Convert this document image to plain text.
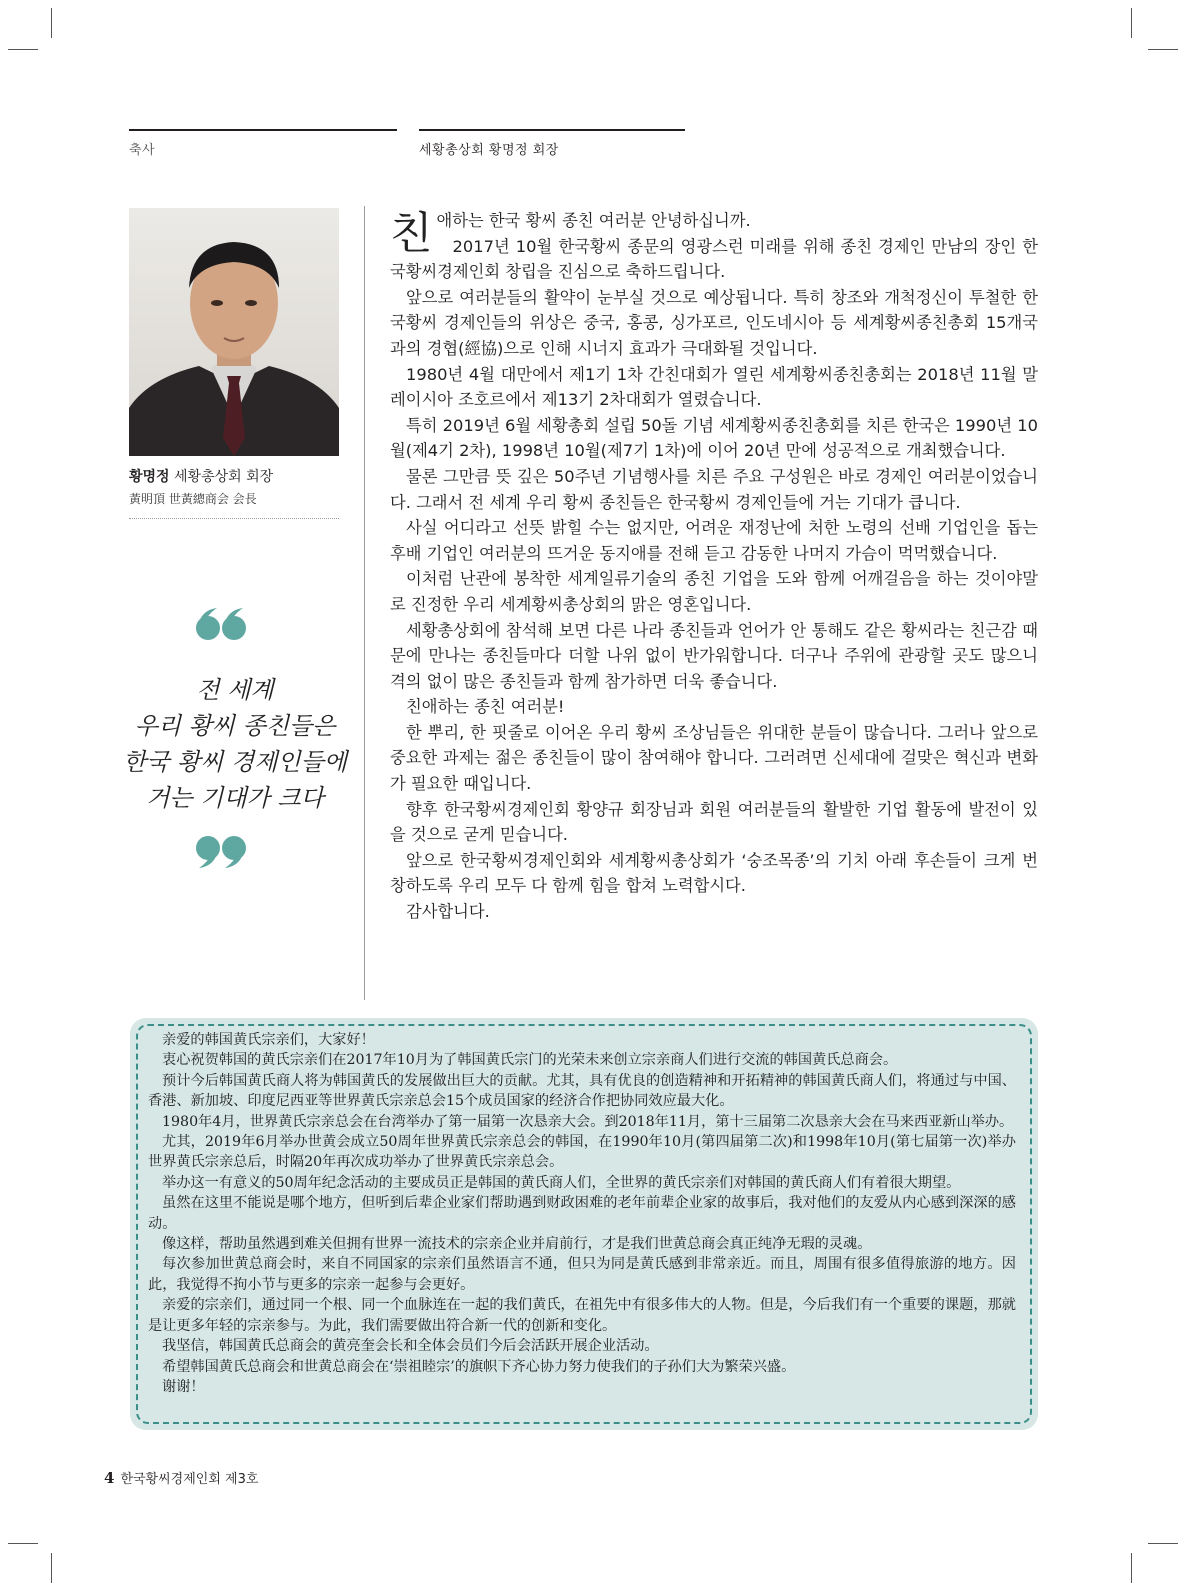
축사	세황총상회 황명정 회장
황명정 세황총상회 회장
黃明頂 世黃總商会 会長
전 세계
우리 황씨 종친들은
한국 황씨 경제인들에
거는 기대가 크다

친애하는 한국 황씨 종친 여러분 안녕하십니까.

2017년 10월 한국황씨 종문의 영광스런 미래를 위해 종친 경제인 만남의 장인 한국황씨경제인회 창립을 진심으로 축하드립니다.

앞으로 여러분들의 활약이 눈부실 것으로 예상됩니다. 특히 창조와 개척정신이 투철한 한국황씨 경제인들의 위상은 중국, 홍콩, 싱가포르, 인도네시아 등 세계황씨종친총회 15개국과의 경협(經協)으로 인해 시너지 효과가 극대화될 것입니다.

1980년 4월 대만에서 제1기 1차 간친대회가 열린 세계황씨종친총회는 2018년 11월 말레이시아 조호르에서 제13기 2차대회가 열렸습니다.

특히 2019년 6월 세황총회 설립 50돌 기념 세계황씨종친총회를 치른 한국은 1990년 10월(제4기 2차), 1998년 10월(제7기 1차)에 이어 20년 만에 성공적으로 개최했습니다.

물론 그만큼 뜻 깊은 50주년 기념행사를 치른 주요 구성원은 바로 경제인 여러분이었습니다. 그래서 전 세계 우리 황씨 종친들은 한국황씨 경제인들에 거는 기대가 큽니다.

사실 어디라고 선뜻 밝힐 수는 없지만, 어려운 재정난에 처한 노령의 선배 기업인을 돕는 후배 기업인 여러분의 뜨거운 동지애를 전해 듣고 감동한 나머지 가슴이 먹먹했습니다.

이처럼 난관에 봉착한 세계일류기술의 종친 기업을 도와 함께 어깨걸음을 하는 것이야말로 진정한 우리 세계황씨총상회의 맑은 영혼입니다.

세황총상회에 참석해 보면 다른 나라 종친들과 언어가 안 통해도 같은 황씨라는 친근감 때문에 만나는 종친들마다 더할 나위 없이 반가워합니다. 더구나 주위에 관광할 곳도 많으니 격의 없이 많은 종친들과 함께 참가하면 더욱 좋습니다.

친애하는 종친 여러분!

한 뿌리, 한 핏줄로 이어온 우리 황씨 조상님들은 위대한 분들이 많습니다. 그러나 앞으로 중요한 과제는 젊은 종친들이 많이 참여해야 합니다. 그러려면 신세대에 걸맞은 혁신과 변화가 필요한 때입니다.

향후 한국황씨경제인회 황양규 회장님과 회원 여러분들의 활발한 기업 활동에 발전이 있을 것으로 굳게 믿습니다.

앞으로 한국황씨경제인회와 세계황씨총상회가 ‘숭조목종’의 기치 아래 후손들이 크게 번창하도록 우리 모두 다 함께 힘을 합쳐 노력합시다.

감사합니다.

亲爱的韩国黄氏宗亲们，大家好！

衷心祝贺韩国的黄氏宗亲们在2017年10月为了韩国黄氏宗门的光荣未来创立宗亲商人们进行交流的韩国黄氏总商会。

预计今后韩国黄氏商人将为韩国黄氏的发展做出巨大的贡献。尤其，具有优良的创造精神和开拓精神的韩国黄氏商人们，将通过与中国、香港、新加坡、印度尼西亚等世界黄氏宗亲总会15个成员国家的经济合作把协同效应最大化。

1980年4月，世界黄氏宗亲总会在台湾举办了第一届第一次恳亲大会。到2018年11月，第十三届第二次恳亲大会在马来西亚新山举办。

尤其，2019年6月举办世黄会成立50周年世界黄氏宗亲总会的韩国，在1990年10月(第四届第二次)和1998年10月(第七届第一次)举办世界黄氏宗亲总后，时隔20年再次成功举办了世界黄氏宗亲总会。

举办这一有意义的50周年纪念活动的主要成员正是韩国的黄氏商人们，全世界的黄氏宗亲们对韩国的黄氏商人们有着很大期望。

虽然在这里不能说是哪个地方，但听到后辈企业家们帮助遇到财政困难的老年前辈企业家的故事后，我对他们的友爱从内心感到深深的感动。

像这样，帮助虽然遇到难关但拥有世界一流技术的宗亲企业并肩前行，才是我们世黄总商会真正纯净无瑕的灵魂。

每次参加世黄总商会时，来自不同国家的宗亲们虽然语言不通，但只为同是黄氏感到非常亲近。而且，周围有很多值得旅游的地方。因此，我觉得不拘小节与更多的宗亲一起参与会更好。

亲爱的宗亲们，通过同一个根、同一个血脉连在一起的我们黄氏，在祖先中有很多伟大的人物。但是，今后我们有一个重要的课题，那就是让更多年轻的宗亲参与。为此，我们需要做出符合新一代的创新和变化。

我坚信，韩国黄氏总商会的黄亮奎会长和全体会员们今后会活跃开展企业活动。

希望韩国黄氏总商会和世黄总商会在‘崇祖睦宗’的旗帜下齐心协力努力使我们的子孙们大为繁荣兴盛。

谢谢！

4 한국황씨경제인회 제3호
